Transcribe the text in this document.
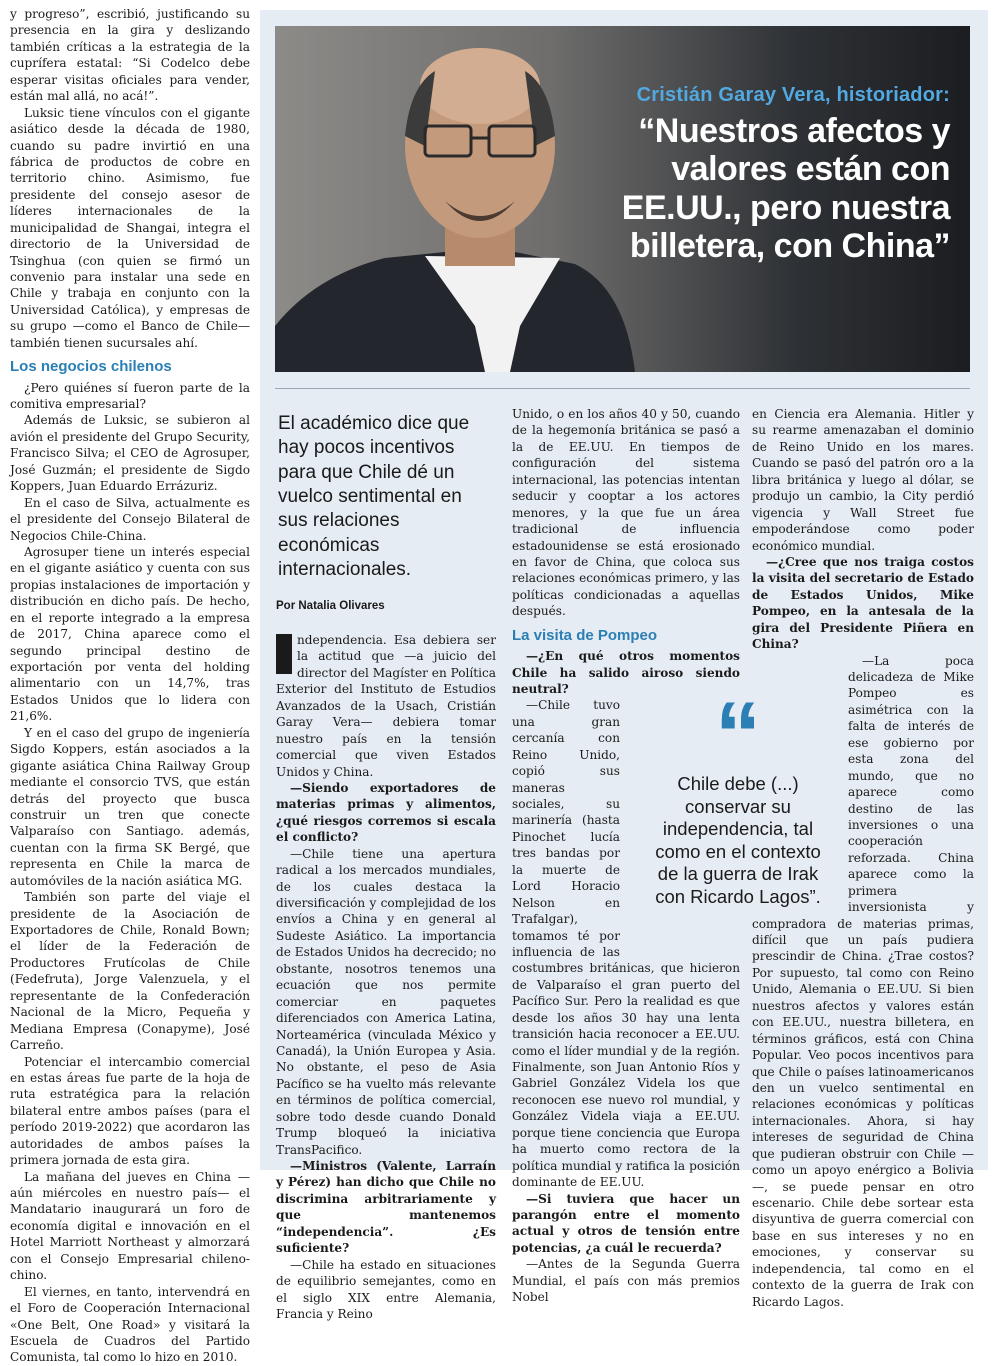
y progreso”, escribió, justificando su presencia en la gira y deslizando también críticas a la estrategia de la cuprífera estatal: “Si Codelco debe esperar visitas oficiales para vender, están mal allá, no acá!”.

Luksic tiene vínculos con el gigante asiático desde la década de 1980, cuando su padre invirtió en una fábrica de productos de cobre en territorio chino. Asimismo, fue presidente del consejo asesor de líderes internacionales de la municipalidad de Shangai, integra el directorio de la Universidad de Tsinghua (con quien se firmó un convenio para instalar una sede en Chile y trabaja en conjunto con la Universidad Católica), y empresas de su grupo —como el Banco de Chile— también tienen sucursales ahí.

Los negocios chilenos

¿Pero quiénes sí fueron parte de la comitiva empresarial?

Además de Luksic, se subieron al avión el presidente del Grupo Security, Francisco Silva; el CEO de Agrosuper, José Guzmán; el presidente de Sigdo Koppers, Juan Eduardo Errázuriz.

En el caso de Silva, actualmente es el presidente del Consejo Bilateral de Negocios Chile-China.

Agrosuper tiene un interés especial en el gigante asiático y cuenta con sus propias instalaciones de importación y distribución en dicho país. De hecho, en el reporte integrado a la empresa de 2017, China aparece como el segundo principal destino de exportación por venta del holding alimentario con un 14,7%, tras Estados Unidos que lo lidera con 21,6%.

Y en el caso del grupo de ingeniería Sigdo Koppers, están asociados a la gigante asiática China Railway Group mediante el consorcio TVS, que están detrás del proyecto que busca construir un tren que conecte Valparaíso con Santiago. además, cuentan con la firma SK Bergé, que representa en Chile la marca de automóviles de la nación asiática MG.

También son parte del viaje el presidente de la Asociación de Exportadores de Chile, Ronald Bown; el líder de la Federación de Productores Frutícolas de Chile (Fedefruta), Jorge Valenzuela, y el representante de la Confederación Nacional de la Micro, Pequeña y Mediana Empresa (Conapyme), José Carreño.

Potenciar el intercambio comercial en estas áreas fue parte de la hoja de ruta estratégica para la relación bilateral entre ambos países (para el período 2019-2022) que acordaron las autoridades de ambos países la primera jornada de esta gira.

La mañana del jueves en China —aún miércoles en nuestro país— el Mandatario inaugurará un foro de economía digital e innovación en el Hotel Marriott Northeast y almorzará con el Consejo Empresarial chileno-chino.

El viernes, en tanto, intervendrá en el Foro de Cooperación Internacional «One Belt, One Road» y visitará la Escuela de Cuadros del Partido Comunista, tal como lo hizo en 2010.

Cristián Garay Vera, historiador:
“Nuestros afectos y valores están con EE.UU., pero nuestra billetera, con China”
El académico dice que hay pocos incentivos para que Chile dé un vuelco sentimental en sus relaciones económicas internacionales.
Por Natalia Olivares

ndependencia. Esa debiera ser la actitud que —a juicio del director del Magíster en Política Exterior del Instituto de Estudios Avanzados de la Usach, Cristián Garay Vera— debiera tomar nuestro país en la tensión comercial que viven Estados Unidos y China.

—Siendo exportadores de materias primas y alimentos, ¿qué riesgos corremos si escala el conflicto?

—Chile tiene una apertura radical a los mercados mundiales, de los cuales destaca la diversificación y complejidad de los envíos a China y en general al Sudeste Asiático. La importancia de Estados Unidos ha decrecido; no obstante, nosotros tenemos una ecuación que nos permite comerciar en paquetes diferenciados con America Latina, Norteamérica (vinculada México y Canadá), la Unión Europea y Asia. No obstante, el peso de Asia Pacífico se ha vuelto más relevante en términos de política comercial, sobre todo desde cuando Donald Trump bloqueó la iniciativa TransPacifico.

—Ministros (Valente, Larraín y Pérez) han dicho que Chile no discrimina arbitrariamente y que mantenemos “independencia”. ¿Es suficiente?

—Chile ha estado en situaciones de equilibrio semejantes, como en el siglo XIX entre Alemania, Francia y Reino

Unido, o en los años 40 y 50, cuando de la hegemonía británica se pasó a la de EE.UU. En tiempos de configuración del sistema internacional, las potencias intentan seducir y cooptar a los actores menores, y la que fue un área tradicional de influencia estadounidense se está erosionado en favor de China, que coloca sus relaciones económicas primero, y las políticas condicionadas a aquellas después.

La visita de Pompeo

—¿En qué otros momentos Chile ha salido airoso siendo neutral?

—Chile tuvo una gran cercanía con Reino Unido, copió sus maneras sociales, su marinería (hasta Pinochet lucía tres bandas por la muerte de Lord Horacio Nelson en Trafalgar), tomamos té por influencia de las costumbres británicas, que hicieron de Valparaíso el gran puerto del Pacífico Sur. Pero la realidad es que desde los años 30 hay una lenta transición hacia reconocer a EE.UU. como el líder mundial y de la región. Finalmente, son Juan Antonio Ríos y Gabriel González Videla los que reconocen ese nuevo rol mundial, y González Videla viaja a EE.UU. porque tiene conciencia que Europa ha muerto como rectora de la política mundial y ratifica la posición dominante de EE.UU.

—Si tuviera que hacer un parangón entre el momento actual y otros de tensión entre potencias, ¿a cuál le recuerda?

—Antes de la Segunda Guerra Mundial, el país con más premios Nobel

en Ciencia era Alemania. Hitler y su rearme amenazaban el dominio de Reino Unido en los mares. Cuando se pasó del patrón oro a la libra británica y luego al dólar, se produjo un cambio, la City perdió vigencia y Wall Street fue empoderándose como poder económico mundial.

—¿Cree que nos traiga costos la visita del secretario de Estado de Estados Unidos, Mike Pompeo, en la antesala de la gira del Presidente Piñera en China?

—La poca delicadeza de Mike Pompeo es asimétrica con la falta de interés de ese gobierno por esta zona del mundo, que no aparece como destino de las inversiones o una cooperación reforzada. China aparece como la primera inversionista y compradora de materias primas, difícil que un país pudiera prescindir de China. ¿Trae costos? Por supuesto, tal como con Reino Unido, Alemania o EE.UU. Si bien nuestros afectos y valores están con EE.UU., nuestra billetera, en términos gráficos, está con China Popular. Veo pocos incentivos para que Chile o países latinoamericanos den un vuelco sentimental en relaciones económicas y políticas internacionales. Ahora, si hay intereses de seguridad de China que pudieran obstruir con Chile —como un apoyo enérgico a Bolivia—, se puede pensar en otro escenario. Chile debe sortear esta disyuntiva de guerra comercial con base en sus intereses y no en emociones, y conservar su independencia, tal como en el contexto de la guerra de Irak con Ricardo Lagos.

“
Chile debe (...) conservar su independencia, tal como en el contexto de la guerra de Irak con Ricardo Lagos”.
